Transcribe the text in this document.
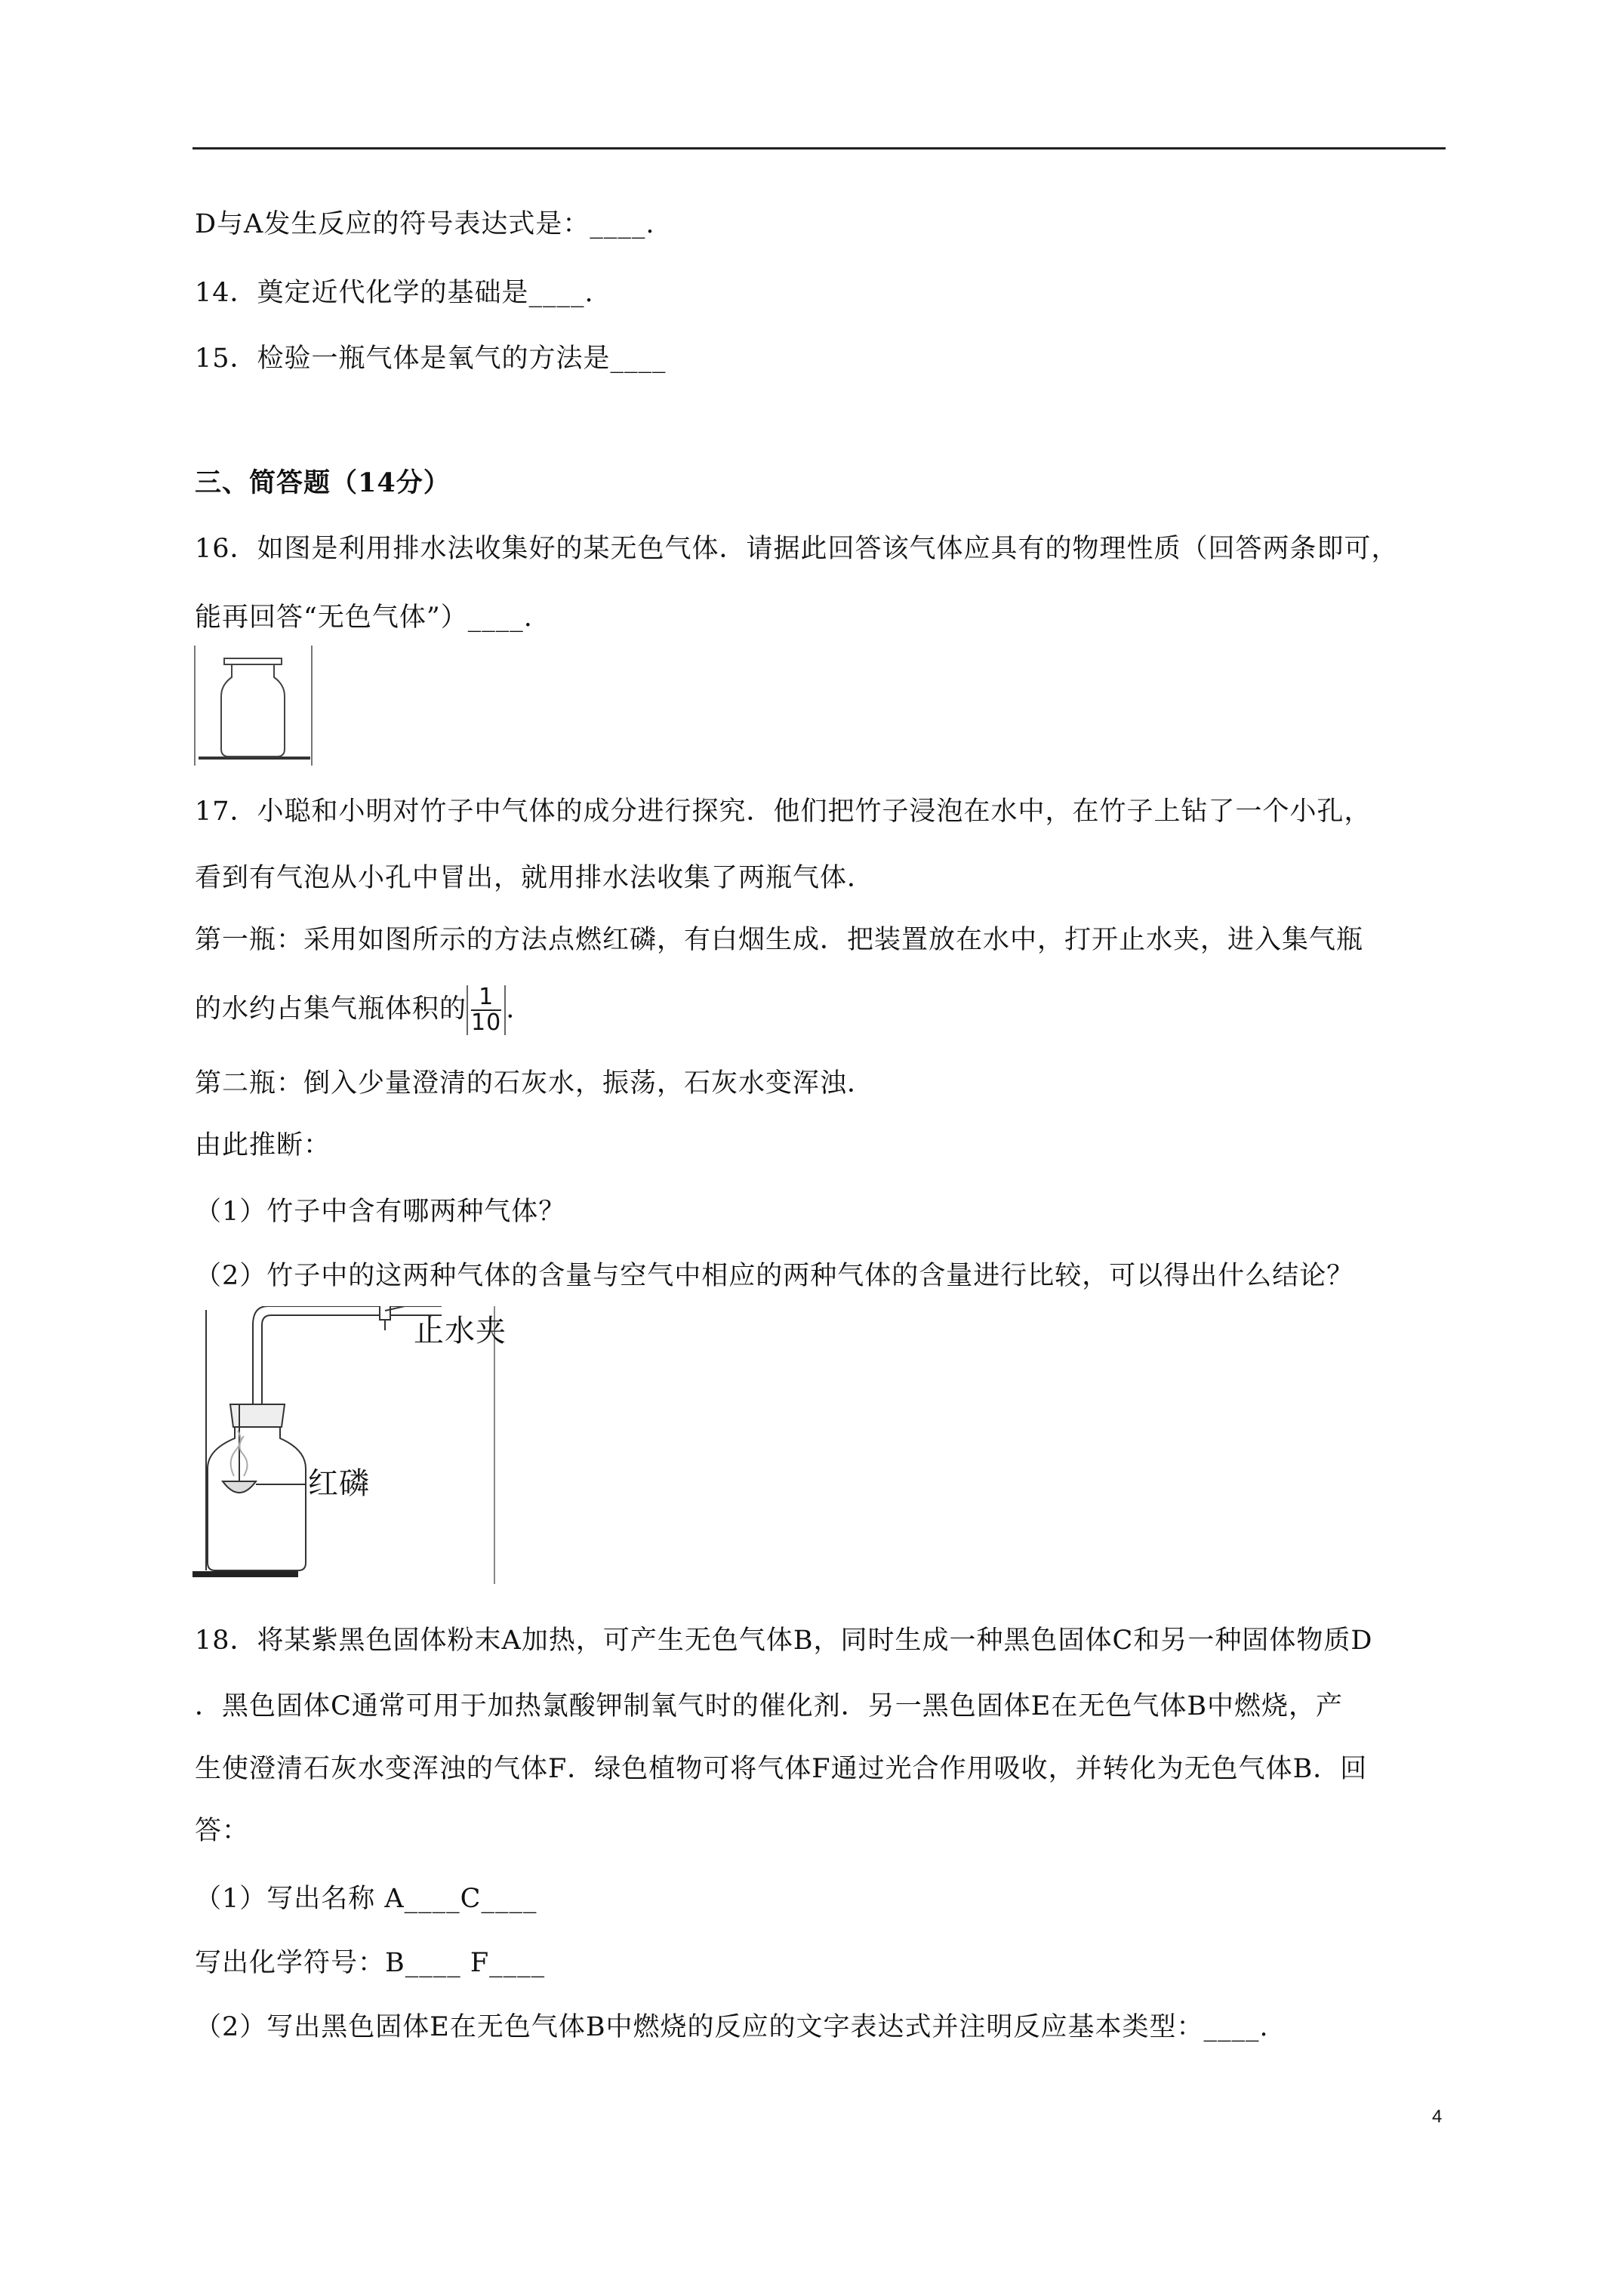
D与A发生反应的符号表达式是：____.
14．奠定近代化学的基础是____.
15．检验一瓶气体是氧气的方法是____
三、简答题（14分）
16．如图是利用排水法收集好的某无色气体．请据此回答该气体应具有的物理性质（回答两条即可，
能再回答“无色气体”）____.
17．小聪和小明对竹子中气体的成分进行探究．他们把竹子浸泡在水中，在竹子上钻了一个小孔，
看到有气泡从小孔中冒出，就用排水法收集了两瓶气体．
第一瓶：采用如图所示的方法点燃红磷，有白烟生成．把装置放在水中，打开止水夹，进入集气瓶
的水约占集气瓶体积的 $\frac{1}{10}$ .
第二瓶：倒入少量澄清的石灰水，振荡，石灰水变浑浊．
由此推断：
（1）竹子中含有哪两种气体？
（2）竹子中的这两种气体的含量与空气中相应的两种气体的含量进行比较，可以得出什么结论？
止水夹
红磷
18．将某紫黑色固体粉末A加热，可产生无色气体B，同时生成一种黑色固体C和另一种固体物质D
．黑色固体C通常可用于加热氯酸钾制氧气时的催化剂．另一黑色固体E在无色气体B中燃烧，产
生使澄清石灰水变浑浊的气体F．绿色植物可将气体F通过光合作用吸收，并转化为无色气体B．回
答：
（1）写出名称 A____C____
写出化学符号：B____ F____
（2）写出黑色固体E在无色气体B中燃烧的反应的文字表达式并注明反应基本类型：____.
4
